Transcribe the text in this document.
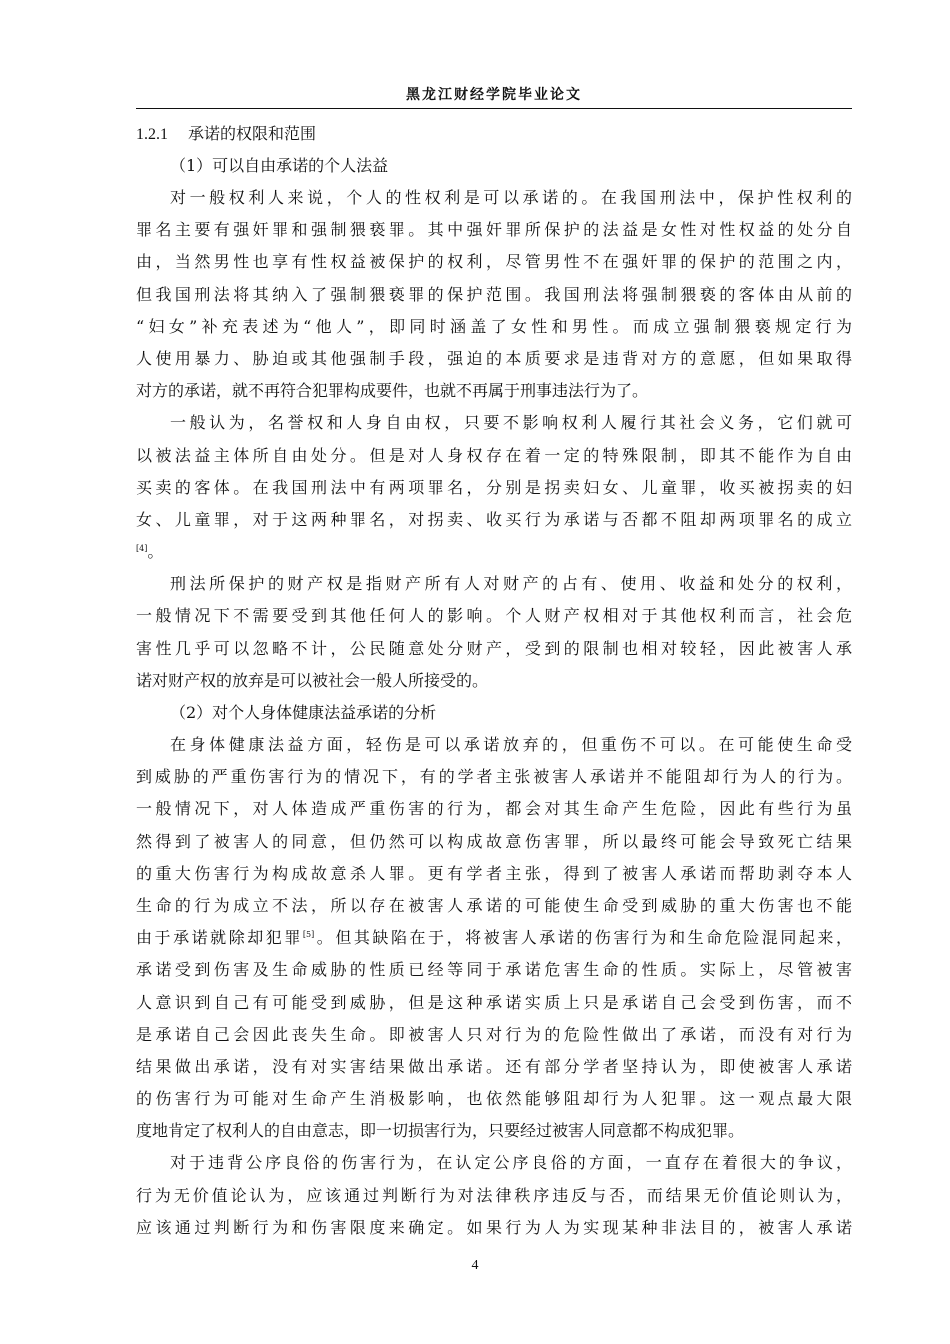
黑龙江财经学院毕业论文
1.2.1 承诺的权限和范围
（1）可以自由承诺的个人法益
对一般权利人来说，个人的性权利是可以承诺的。在我国刑法中，保护性权利的
罪名主要有强奸罪和强制猥亵罪。其中强奸罪所保护的法益是女性对性权益的处分自
由，当然男性也享有性权益被保护的权利，尽管男性不在强奸罪的保护的范围之内，
但我国刑法将其纳入了强制猥亵罪的保护范围。我国刑法将强制猥亵的客体由从前的
“妇女”补充表述为“他人”，即同时涵盖了女性和男性。而成立强制猥亵规定行为
人使用暴力、胁迫或其他强制手段，强迫的本质要求是违背对方的意愿，但如果取得
对方的承诺，就不再符合犯罪构成要件，也就不再属于刑事违法行为了。
一般认为，名誉权和人身自由权，只要不影响权利人履行其社会义务，它们就可
以被法益主体所自由处分。但是对人身权存在着一定的特殊限制，即其不能作为自由
买卖的客体。在我国刑法中有两项罪名，分别是拐卖妇女、儿童罪，收买被拐卖的妇
女、儿童罪，对于这两种罪名，对拐卖、收买行为承诺与否都不阻却两项罪名的成立
[4]。
刑法所保护的财产权是指财产所有人对财产的占有、使用、收益和处分的权利，
一般情况下不需要受到其他任何人的影响。个人财产权相对于其他权利而言，社会危
害性几乎可以忽略不计，公民随意处分财产，受到的限制也相对较轻，因此被害人承
诺对财产权的放弃是可以被社会一般人所接受的。
（2）对个人身体健康法益承诺的分析
在身体健康法益方面，轻伤是可以承诺放弃的，但重伤不可以。在可能使生命受
到威胁的严重伤害行为的情况下，有的学者主张被害人承诺并不能阻却行为人的行为。
一般情况下，对人体造成严重伤害的行为，都会对其生命产生危险，因此有些行为虽
然得到了被害人的同意，但仍然可以构成故意伤害罪，所以最终可能会导致死亡结果
的重大伤害行为构成故意杀人罪。更有学者主张，得到了被害人承诺而帮助剥夺本人
生命的行为成立不法，所以存在被害人承诺的可能使生命受到威胁的重大伤害也不能
由于承诺就除却犯罪[5]。但其缺陷在于，将被害人承诺的伤害行为和生命危险混同起来，
承诺受到伤害及生命威胁的性质已经等同于承诺危害生命的性质。实际上，尽管被害
人意识到自己有可能受到威胁，但是这种承诺实质上只是承诺自己会受到伤害，而不
是承诺自己会因此丧失生命。即被害人只对行为的危险性做出了承诺，而没有对行为
结果做出承诺，没有对实害结果做出承诺。还有部分学者坚持认为，即使被害人承诺
的伤害行为可能对生命产生消极影响，也依然能够阻却行为人犯罪。这一观点最大限
度地肯定了权利人的自由意志，即一切损害行为，只要经过被害人同意都不构成犯罪。
对于违背公序良俗的伤害行为，在认定公序良俗的方面，一直存在着很大的争议，
行为无价值论认为，应该通过判断行为对法律秩序违反与否，而结果无价值论则认为，
应该通过判断行为和伤害限度来确定。如果行为人为实现某种非法目的，被害人承诺
4
